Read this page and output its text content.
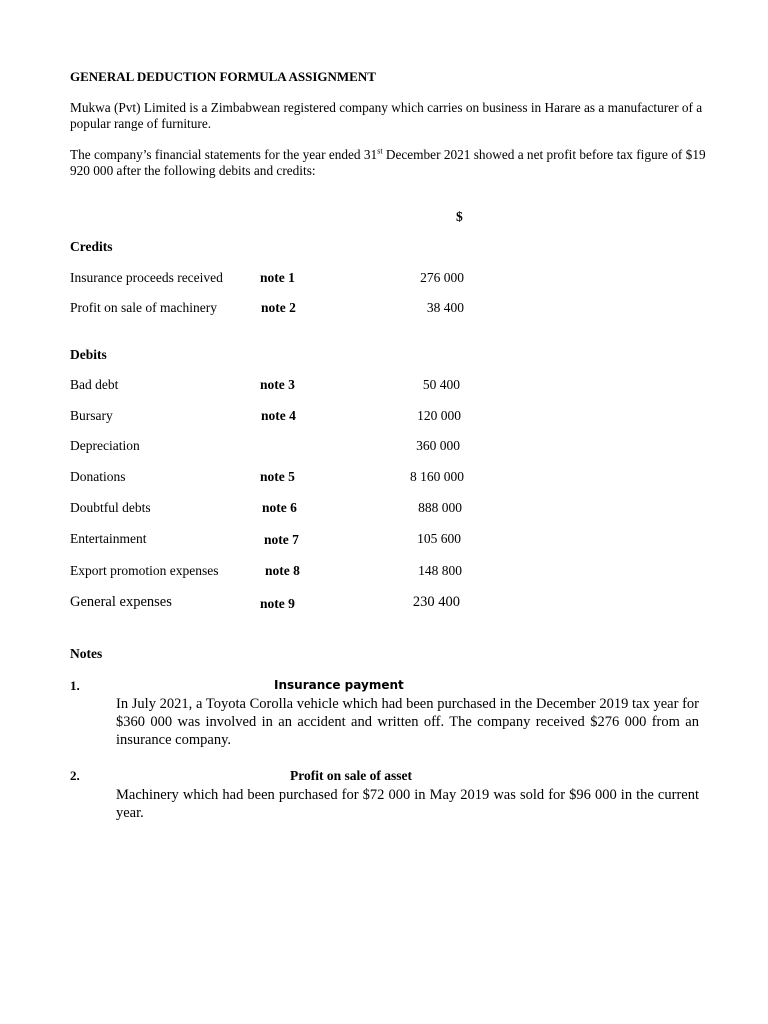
GENERAL DEDUCTION FORMULA ASSIGNMENT
Mukwa (Pvt) Limited is a Zimbabwean registered company which carries on business in Harare as a manufacturer of a popular range of furniture.
The company’s financial statements for the year ended 31st December 2021 showed a net profit before tax figure of $19 920 000 after the following debits and credits:
$
Credits
Insurance proceeds received	note 1	276 000
Profit on sale of machinery	note 2	38 400
Debits
Bad debt	note 3	50 400
Bursary	note 4	120 000
Depreciation	360 000
Donations	note 5	8 160 000
Doubtful debts	note 6	888 000
Entertainment	note 7	105 600
Export promotion expenses	note 8	148 800
General expenses	note 9	230 400
Notes
1.	Insurance payment
In July 2021, a Toyota Corolla vehicle which had been purchased in the December 2019 tax year for $360 000 was involved in an accident and written off. The company received $276 000 from an insurance company.
2.	Profit on sale of asset
Machinery which had been purchased for $72 000 in May 2019 was sold for $96 000 in the current year.
